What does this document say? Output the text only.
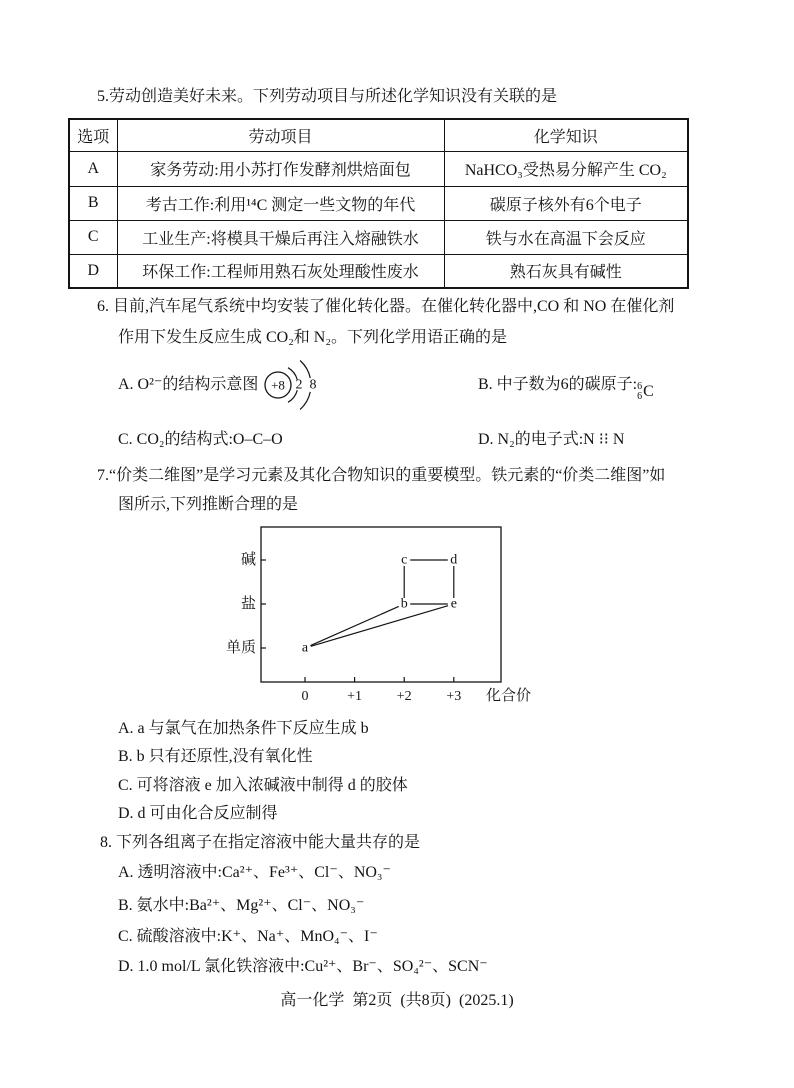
5.劳动创造美好未来。下列劳动项目与所述化学知识没有关联的是
选项	劳动项目	化学知识
A	家务劳动:用小苏打作发酵剂烘焙面包	NaHCO₃受热易分解产生 CO₂
B	考古工作:利用¹⁴C 测定一些文物的年代	碳原子核外有6个电子
C	工业生产:将模具干燥后再注入熔融铁水	铁与水在高温下会反应
D	环保工作:工程师用熟石灰处理酸性废水	熟石灰具有碱性
6. 目前,汽车尾气系统中均安装了催化转化器。在催化转化器中,CO 和 NO 在催化剂
作用下发生反应生成 CO₂和 N₂。下列化学用语正确的是
A. O²⁻的结构示意图 +8 2 8	B. 中子数为6的碳原子: 6
6 C
C. CO₂的结构式:O–C–O	D. N₂的电子式:N ⁝⁝ N
7.“价类二维图”是学习元素及其化合物知识的重要模型。铁元素的“价类二维图”如
图所示,下列推断合理的是
化合价
单质
盐
碱
0	+1 +2 +3
a
b
c	d
e
A. a 与氯气在加热条件下反应生成 b
B. b 只有还原性,没有氧化性
C. 可将溶液 e 加入浓碱液中制得 d 的胶体
D. d 可由化合反应制得
8. 下列各组离子在指定溶液中能大量共存的是
A. 透明溶液中:Ca²⁺、Fe³⁺、Cl⁻、NO₃⁻
B. 氨水中:Ba²⁺、Mg²⁺、Cl⁻、NO₃⁻
C. 硫酸溶液中:K⁺、Na⁺、MnO₄⁻、I⁻
D. 1.0 mol/L 氯化铁溶液中:Cu²⁺、Br⁻、SO₄²⁻、SCN⁻
高一化学  第2页  (共8页)  (2025.1)
